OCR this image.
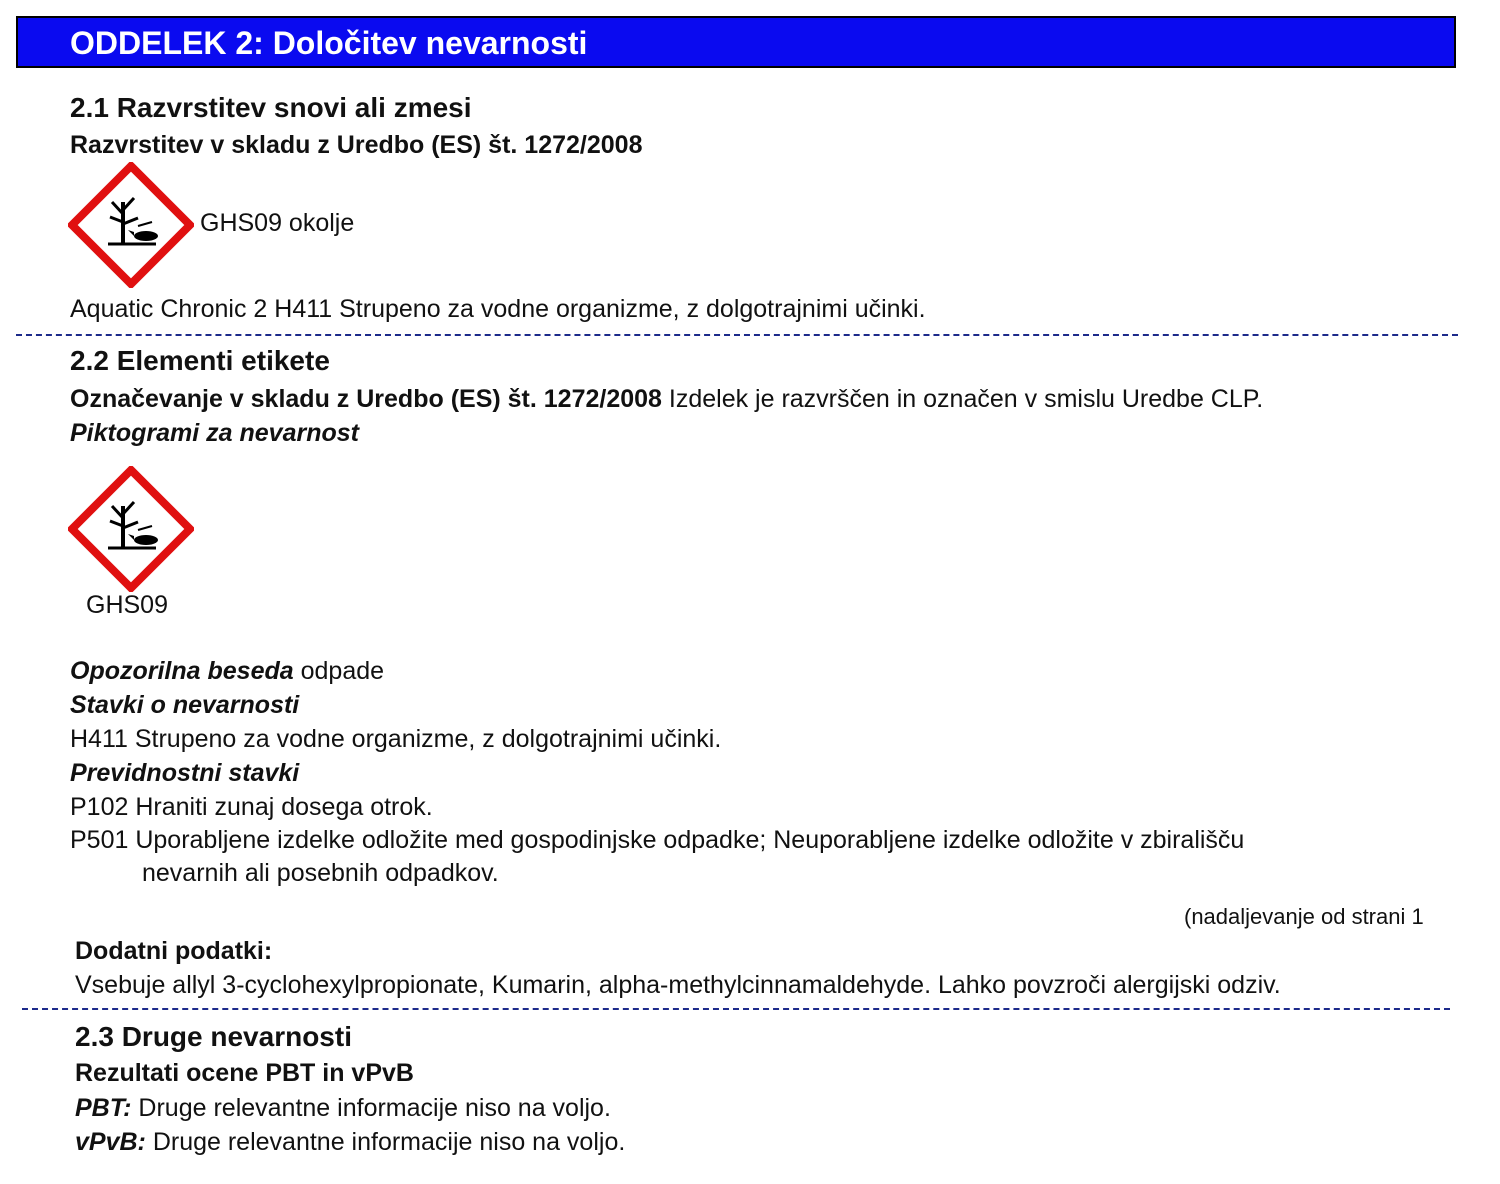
ODDELEK 2: Določitev nevarnosti
2.1 Razvrstitev snovi ali zmesi
Razvrstitev v skladu z Uredbo (ES) št. 1272/2008
GHS09 okolje
Aquatic Chronic 2 H411 Strupeno za vodne organizme, z dolgotrajnimi učinki.
2.2 Elementi etikete
Označevanje v skladu z Uredbo (ES) št. 1272/2008 Izdelek je razvrščen in označen v smislu Uredbe CLP.
Piktogrami za nevarnost
GHS09
Opozorilna beseda odpade
Stavki o nevarnosti
H411 Strupeno za vodne organizme, z dolgotrajnimi učinki.
Previdnostni stavki
P102 Hraniti zunaj dosega otrok.
P501 Uporabljene izdelke odložite med gospodinjske odpadke; Neuporabljene izdelke odložite v zbirališču
nevarnih ali posebnih odpadkov.
(nadaljevanje od strani 1
Dodatni podatki:
Vsebuje allyl 3-cyclohexylpropionate, Kumarin, alpha-methylcinnamaldehyde. Lahko povzroči alergijski odziv.
2.3 Druge nevarnosti
Rezultati ocene PBT in vPvB
PBT: Druge relevantne informacije niso na voljo.
vPvB: Druge relevantne informacije niso na voljo.
